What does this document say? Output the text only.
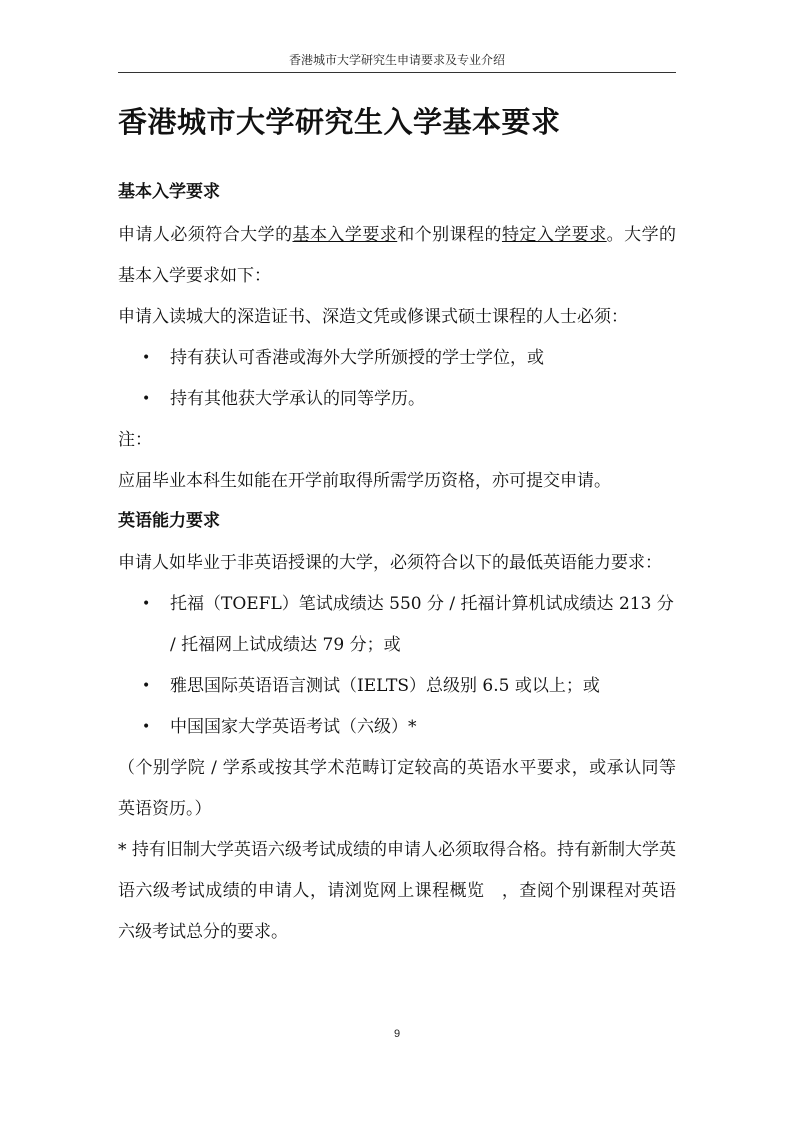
香港城市大学研究生申请要求及专业介绍
香港城市大学研究生入学基本要求
基本入学要求

申请人必须符合大学的基本入学要求和个别课程的特定入学要求。大学的基本入学要求如下：

申请入读城大的深造证书、深造文凭或修课式硕士课程的人士必须：

• 持有获认可香港或海外大学所颁授的学士学位，或
• 持有其他获大学承认的同等学历。

注：

应届毕业本科生如能在开学前取得所需学历资格，亦可提交申请。

英语能力要求

申请人如毕业于非英语授课的大学，必须符合以下的最低英语能力要求：

• 托福（TOEFL）笔试成绩达 550 分 / 托福计算机试成绩达 213 分 / 托福网上试成绩达 79 分；或
• 雅思国际英语语言测试（IELTS）总级别 6.5 或以上；或
• 中国国家大学英语考试（六级）*

（个别学院 / 学系或按其学术范畴订定较高的英语水平要求，或承认同等英语资历。）

* 持有旧制大学英语六级考试成绩的申请人必须取得合格。持有新制大学英语六级考试成绩的申请人，请浏览网上课程概览　，查阅个别课程对英语六级考试总分的要求。

9
